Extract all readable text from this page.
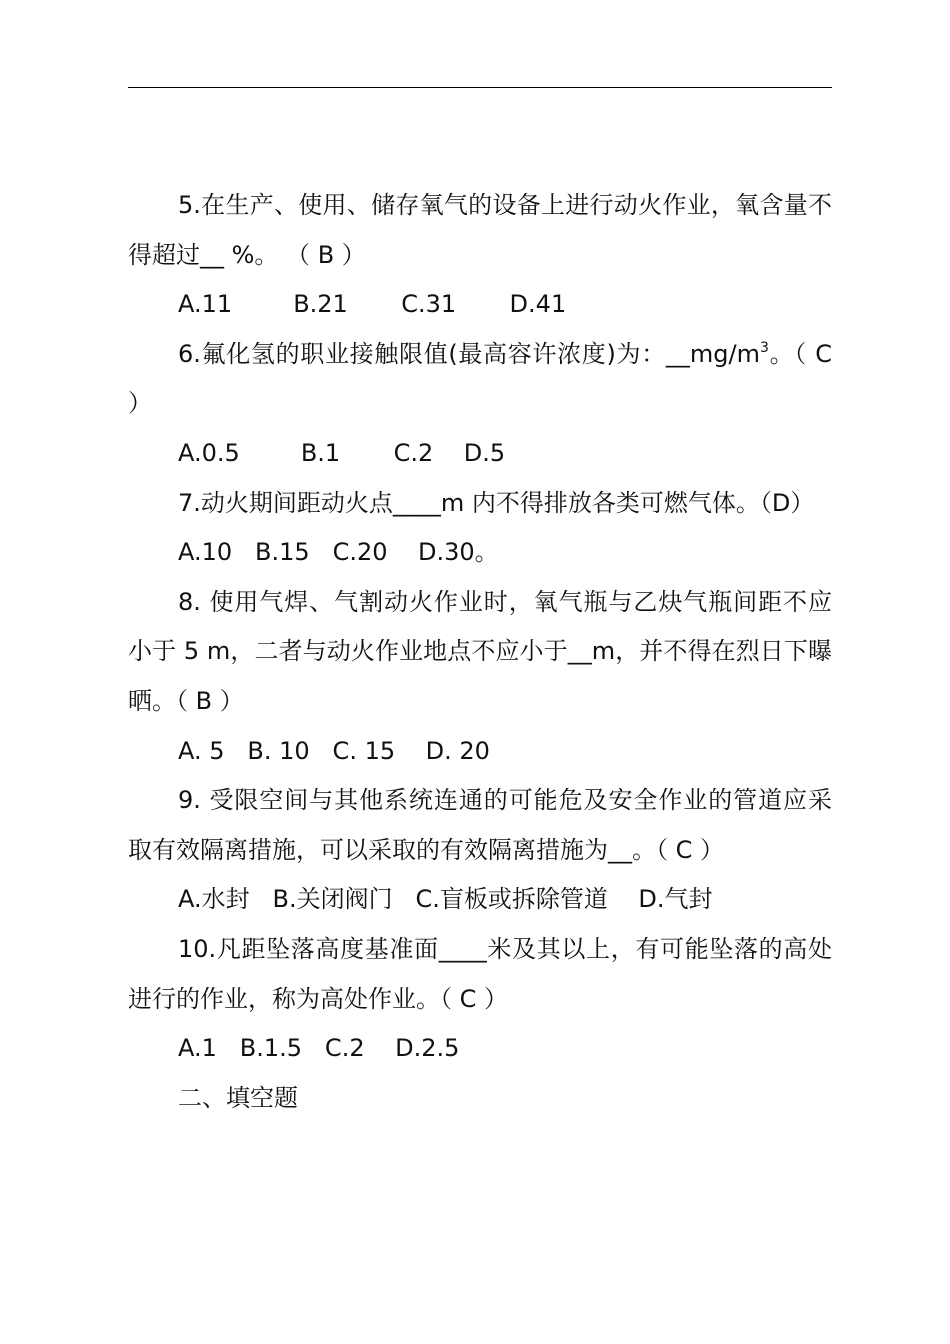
5.在生产、使用、储存氧气的设备上进行动火作业，氧含量不得超过__ %。 （ B ）

A.11        B.21       C.31       D.41

6.氟化氢的职业接触限值(最高容许浓度)为：$\_\_mg/m^3$。（ C ）

A.0.5        B.1       C.2    D.5

7.动火期间距动火点____m 内不得排放各类可燃气体。（D）

A.10   B.15   C.20    D.30。

8. 使用气焊、气割动火作业时，氧气瓶与乙炔气瓶间距不应小于 5 m，二者与动火作业地点不应小于__m，并不得在烈日下曝晒。（ B ）

A. 5   B. 10   C. 15    D. 20

9. 受限空间与其他系统连通的可能危及安全作业的管道应采取有效隔离措施，可以采取的有效隔离措施为__。（ C ）

A.水封   B.关闭阀门   C.盲板或拆除管道    D.气封

10.凡距坠落高度基准面____米及其以上，有可能坠落的高处进行的作业，称为高处作业。（ C ）

A.1   B.1.5   C.2    D.2.5

二、填空题
